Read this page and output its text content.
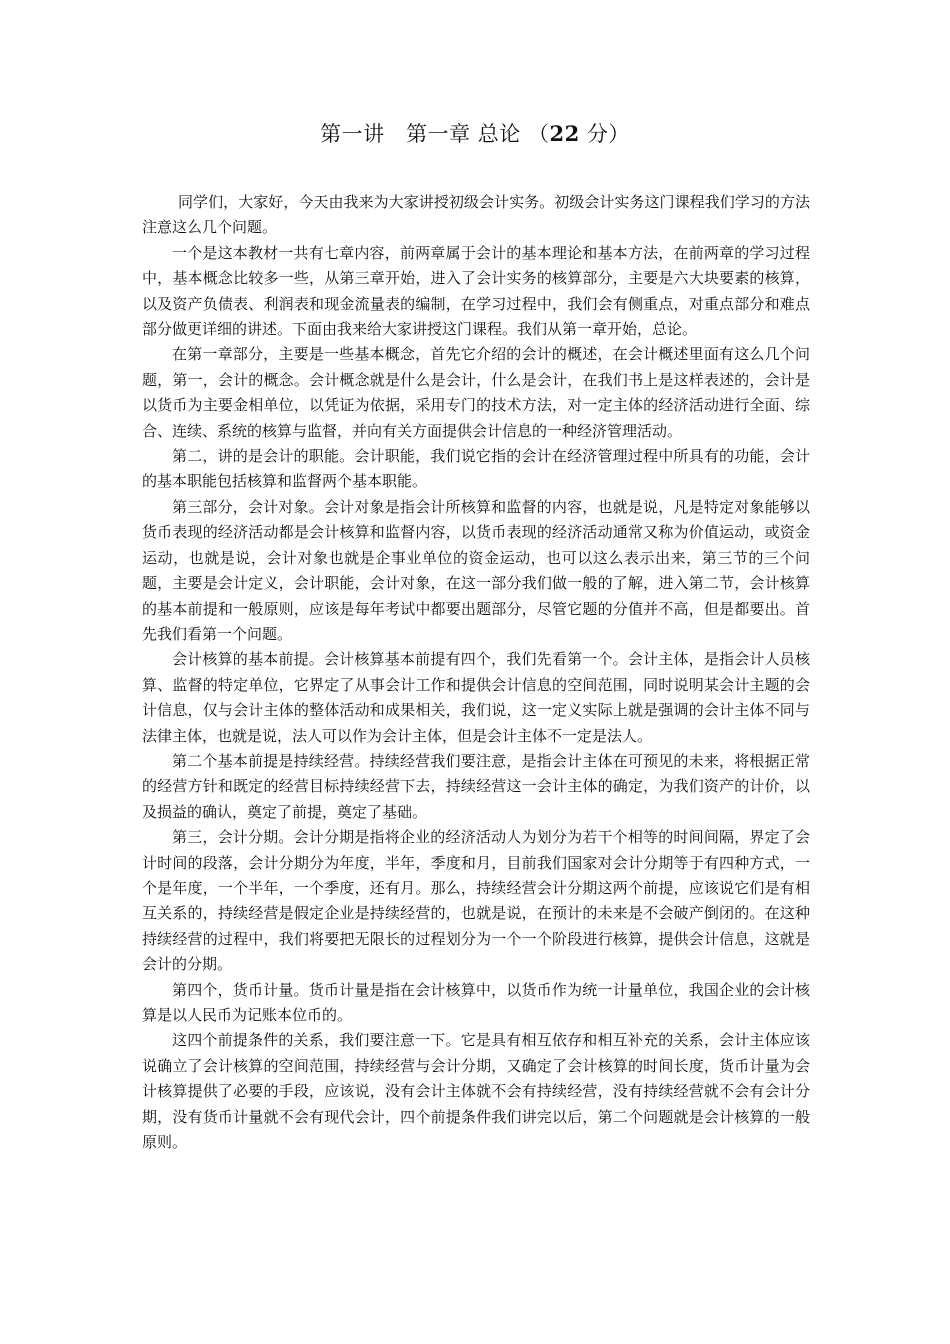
第一讲　第一章 总论 （22 分）

同学们，大家好，今天由我来为大家讲授初级会计实务。初级会计实务这门课程我们学习的方法注意这么几个问题。

一个是这本教材一共有七章内容，前两章属于会计的基本理论和基本方法，在前两章的学习过程中，基本概念比较多一些，从第三章开始，进入了会计实务的核算部分，主要是六大块要素的核算，以及资产负债表、利润表和现金流量表的编制，在学习过程中，我们会有侧重点，对重点部分和难点部分做更详细的讲述。下面由我来给大家讲授这门课程。我们从第一章开始，总论。

在第一章部分，主要是一些基本概念，首先它介绍的会计的概述，在会计概述里面有这么几个问题，第一，会计的概念。会计概念就是什么是会计，什么是会计，在我们书上是这样表述的，会计是以货币为主要金相单位，以凭证为依据，采用专门的技术方法，对一定主体的经济活动进行全面、综合、连续、系统的核算与监督，并向有关方面提供会计信息的一种经济管理活动。

第二，讲的是会计的职能。会计职能，我们说它指的会计在经济管理过程中所具有的功能，会计的基本职能包括核算和监督两个基本职能。

第三部分，会计对象。会计对象是指会计所核算和监督的内容，也就是说，凡是特定对象能够以货币表现的经济活动都是会计核算和监督内容，以货币表现的经济活动通常又称为价值运动，或资金运动，也就是说，会计对象也就是企事业单位的资金运动，也可以这么表示出来，第三节的三个问题，主要是会计定义，会计职能，会计对象，在这一部分我们做一般的了解，进入第二节，会计核算的基本前提和一般原则，应该是每年考试中都要出题部分，尽管它题的分值并不高，但是都要出。首先我们看第一个问题。

会计核算的基本前提。会计核算基本前提有四个，我们先看第一个。会计主体，是指会计人员核算、监督的特定单位，它界定了从事会计工作和提供会计信息的空间范围，同时说明某会计主题的会计信息，仅与会计主体的整体活动和成果相关，我们说，这一定义实际上就是强调的会计主体不同与法律主体，也就是说，法人可以作为会计主体，但是会计主体不一定是法人。

第二个基本前提是持续经营。持续经营我们要注意，是指会计主体在可预见的未来，将根据正常的经营方针和既定的经营目标持续经营下去，持续经营这一会计主体的确定，为我们资产的计价，以及损益的确认，奠定了前提，奠定了基础。

第三，会计分期。会计分期是指将企业的经济活动人为划分为若干个相等的时间间隔，界定了会计时间的段落，会计分期分为年度，半年，季度和月，目前我们国家对会计分期等于有四种方式，一个是年度，一个半年，一个季度，还有月。那么，持续经营会计分期这两个前提，应该说它们是有相互关系的，持续经营是假定企业是持续经营的，也就是说，在预计的未来是不会破产倒闭的。在这种持续经营的过程中，我们将要把无限长的过程划分为一个一个阶段进行核算，提供会计信息，这就是会计的分期。

第四个，货币计量。货币计量是指在会计核算中，以货币作为统一计量单位，我国企业的会计核算是以人民币为记账本位币的。

这四个前提条件的关系，我们要注意一下。它是具有相互依存和相互补充的关系，会计主体应该说确立了会计核算的空间范围，持续经营与会计分期，又确定了会计核算的时间长度，货币计量为会计核算提供了必要的手段，应该说，没有会计主体就不会有持续经营，没有持续经营就不会有会计分期，没有货币计量就不会有现代会计，四个前提条件我们讲完以后，第二个问题就是会计核算的一般原则。
